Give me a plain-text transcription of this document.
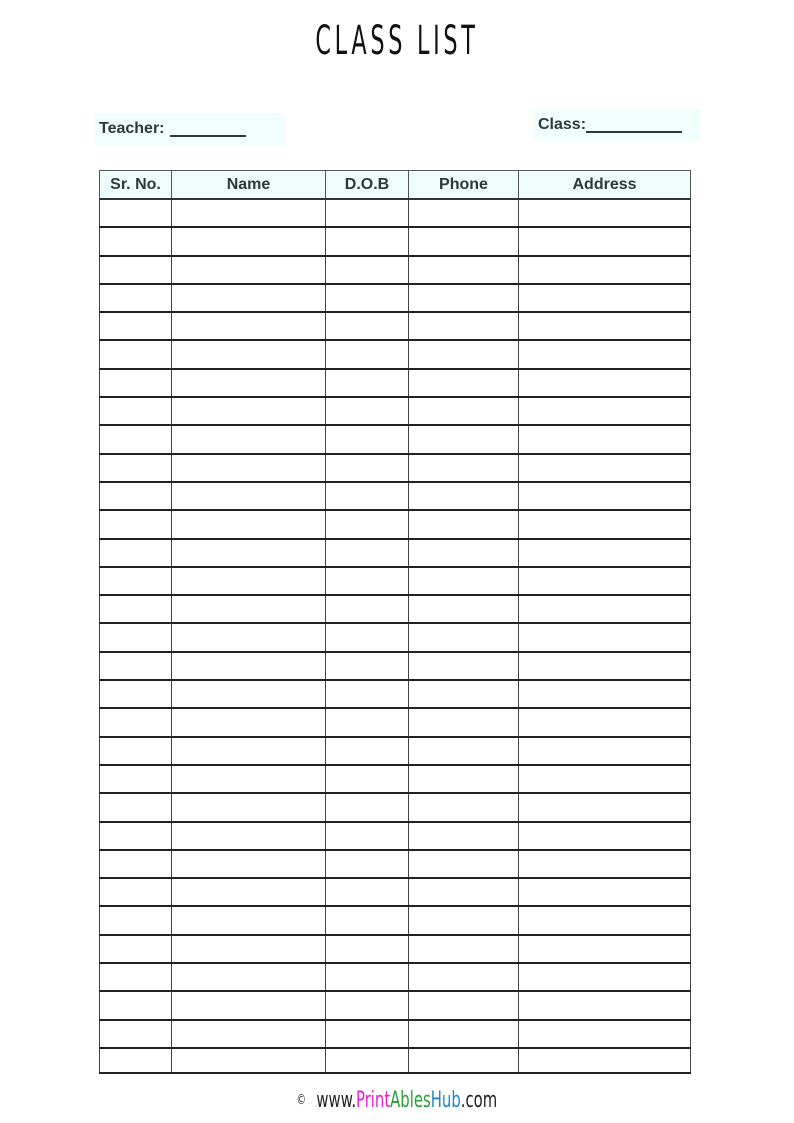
CLASS LIST
Teacher:	Class:
Sr. No.	Name	D.O.B	Phone	Address

© www.PrintAblesHub.com
